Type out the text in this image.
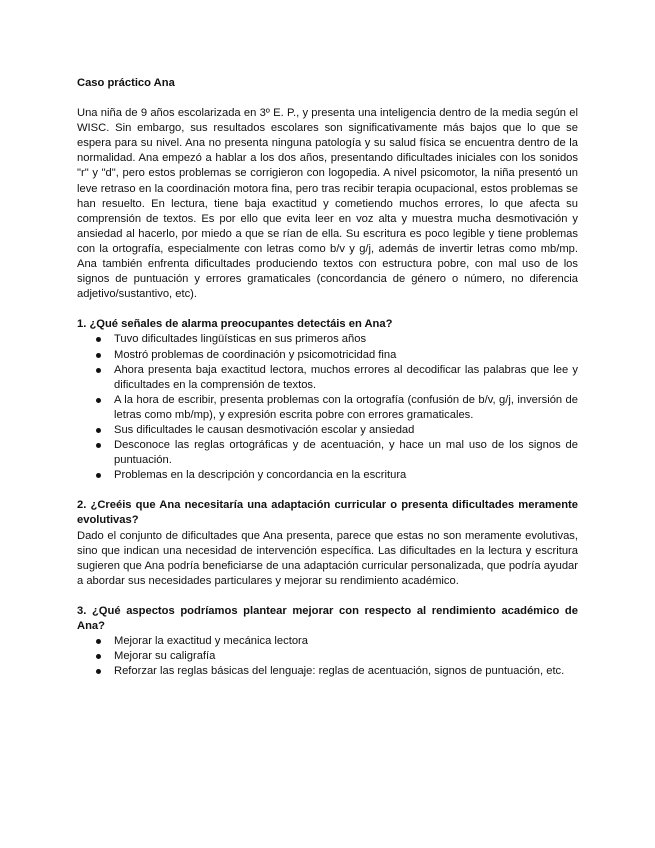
Caso práctico Ana

Una niña de 9 años escolarizada en 3º E. P., y presenta una inteligencia dentro de la media según el WISC. Sin embargo, sus resultados escolares son significativamente más bajos que lo que se espera para su nivel. Ana no presenta ninguna patología y su salud física se encuentra dentro de la normalidad. Ana empezó a hablar a los dos años, presentando dificultades iniciales con los sonidos "r" y "d", pero estos problemas se corrigieron con logopedia. A nivel psicomotor, la niña presentó un leve retraso en la coordinación motora fina, pero tras recibir terapia ocupacional, estos problemas se han resuelto. En lectura, tiene baja exactitud y cometiendo muchos errores, lo que afecta su comprensión de textos. Es por ello que evita leer en voz alta y muestra mucha desmotivación y ansiedad al hacerlo, por miedo a que se rían de ella. Su escritura es poco legible y tiene problemas con la ortografía, especialmente con letras como b/v y g/j, además de invertir letras como mb/mp. Ana también enfrenta dificultades produciendo textos con estructura pobre, con mal uso de los signos de puntuación y errores gramaticales (concordancia de género o número, no diferencia adjetivo/sustantivo, etc).

1. ¿Qué señales de alarma preocupantes detectáis en Ana?

Tuvo dificultades lingüísticas en sus primeros años
Mostró problemas de coordinación y psicomotricidad fina
Ahora presenta baja exactitud lectora, muchos errores al decodificar las palabras que lee y dificultades en la comprensión de textos.
A la hora de escribir, presenta problemas con la ortografía (confusión de b/v, g/j, inversión de letras como mb/mp), y expresión escrita pobre con errores gramaticales.
Sus dificultades le causan desmotivación escolar y ansiedad
Desconoce las reglas ortográficas y de acentuación, y hace un mal uso de los signos de puntuación.
Problemas en la descripción y concordancia en la escritura

2. ¿Creéis que Ana necesitaría una adaptación curricular o presenta dificultades meramente evolutivas?

Dado el conjunto de dificultades que Ana presenta, parece que estas no son meramente evolutivas, sino que indican una necesidad de intervención específica. Las dificultades en la lectura y escritura sugieren que Ana podría beneficiarse de una adaptación curricular personalizada, que podría ayudar a abordar sus necesidades particulares y mejorar su rendimiento académico.

3. ¿Qué aspectos podríamos plantear mejorar con respecto al rendimiento académico de Ana?

Mejorar la exactitud y mecánica lectora
Mejorar su caligrafía
Reforzar las reglas básicas del lenguaje: reglas de acentuación, signos de puntuación, etc.
